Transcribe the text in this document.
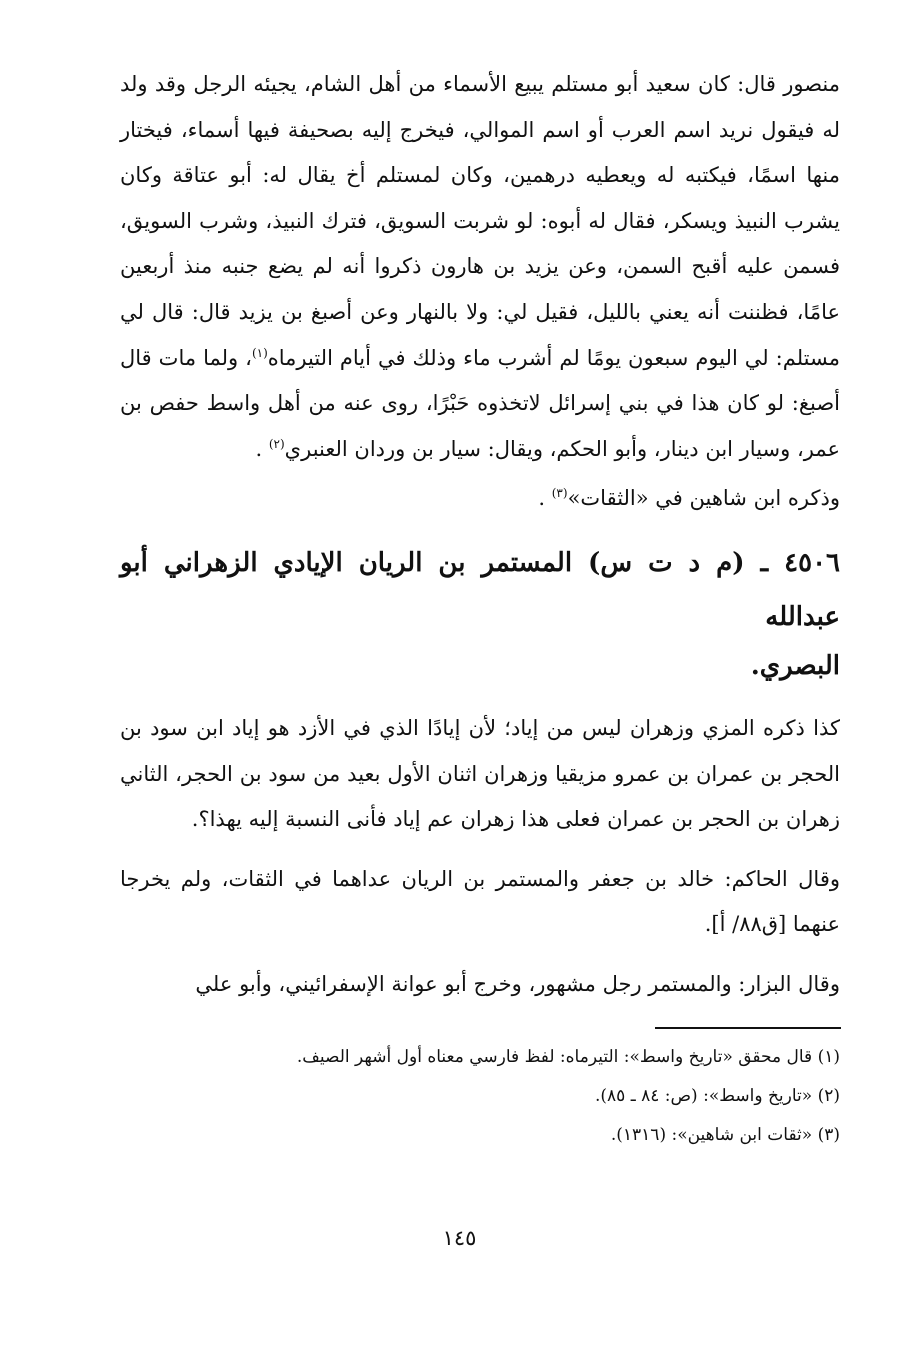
منصور قال: كان سعيد أبو مستلم يبيع الأسماء من أهل الشام، يجيئه الرجل وقد ولد له فيقول نريد اسم العرب أو اسم الموالي، فيخرج إليه بصحيفة فيها أسماء، فيختار منها اسمًا، فيكتبه له ويعطيه درهمين، وكان لمستلم أخ يقال له: أبو عتاقة وكان يشرب النبيذ ويسكر، فقال له أبوه: لو شربت السويق، فترك النبيذ، وشرب السويق، فسمن عليه أقبح السمن، وعن يزيد بن هارون ذكروا أنه لم يضع جنبه منذ أربعين عامًا، فظننت أنه يعني بالليل، فقيل لي: ولا بالنهار وعن أصبغ بن يزيد قال: قال لي مستلم: لي اليوم سبعون يومًا لم أشرب ماء وذلك في أيام التيرماه$^{(١)}$، ولما مات قال أصبغ: لو كان هذا في بني إسرائل لاتخذوه حَبْرًا، روى عنه من أهل واسط حفص بن عمر، وسيار ابن دينار، وأبو الحكم، ويقال: سيار بن وردان العنبري$^{(٢)}$ .

وذكره ابن شاهين في «الثقات»$^{(٣)}$ .

٤٥٠٦ ـ (م د ت س) المستمر بن الريان الإيادي الزهراني أبو عبدالله

البصري.

كذا ذكره المزي وزهران ليس من إياد؛ لأن إيادًا الذي في الأزد هو إياد ابن سود بن الحجر بن عمران بن عمرو مزيقيا وزهران اثنان الأول بعيد من سود بن الحجر، الثاني زهران بن الحجر بن عمران فعلى هذا زهران عم إياد فأنى النسبة إليه يهذا؟.

وقال الحاكم: خالد بن جعفر والمستمر بن الريان عداهما في الثقات، ولم يخرجا عنهما [ق٨٨/ أ].

وقال البزار: والمستمر رجل مشهور، وخرج أبو عوانة الإسفرائيني، وأبو علي

(١) قال محقق «تاريخ واسط»: التيرماه: لفظ فارسي معناه أول أشهر الصيف.

(٢) «تاريخ واسط»: (ص: ٨٤ ـ ٨٥).

(٣) «ثقات ابن شاهين»: (١٣١٦).

١٤٥
